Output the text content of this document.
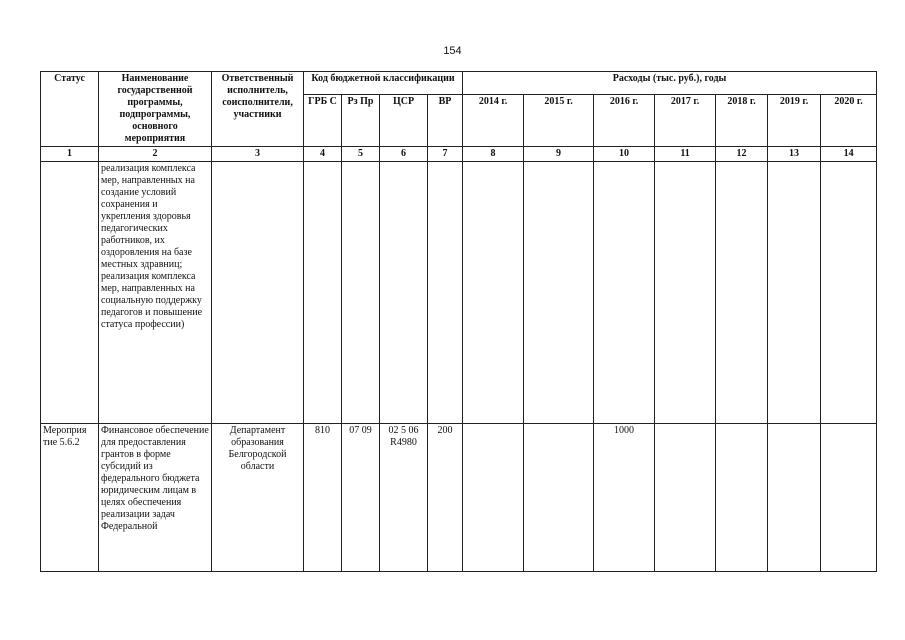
154
Статус	Наименование государственной программы, подпрограммы, основного мероприятия	Ответственный исполнитель, соисполнители, участники	Код бюджетной классификации				Расходы (тыс. руб.), годы						
			ГРБ С	Рз Пр	ЦСР	ВР	2014 г.	2015 г.	2016 г.	2017 г.	2018 г.	2019 г.	2020 г.
1	2	3	4	5	6	7	8	9	10	11	12	13	14
	реализация комплекса мер, направленных на создание условий сохранения и укрепления здоровья педагогических работников, их оздоровления на базе местных здравниц; реализация комплекса мер, направленных на социальную поддержку педагогов и повышение статуса профессии)												
Мероприя тие 5.6.2	Финансовое обеспечение для предоставления грантов в форме субсидий из федерального бюджета юридическим лицам в целях обеспечения реализации задач Федеральной	Департамент образования Белгородской области	810	07 09	02 5 06 R4980	200			1000				
